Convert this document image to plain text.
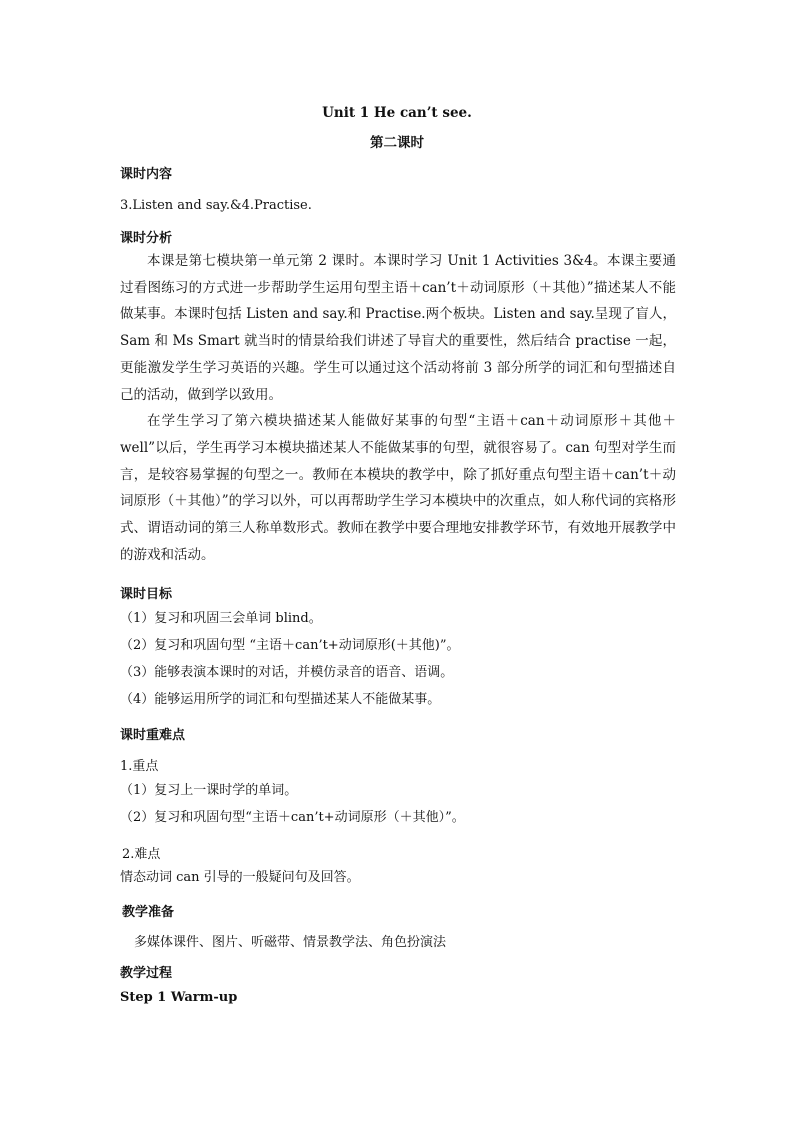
Unit 1 He can’t see.
第二课时
课时内容
3.Listen and say.&4.Practise.
课时分析

本课是第七模块第一单元第 2 课时。本课时学习 Unit 1 Activities 3&4。本课主要通过看图练习的方式进一步帮助学生运用句型主语＋can’t＋动词原形（＋其他）”描述某人不能做某事。本课时包括 Listen and say.和 Practise.两个板块。Listen and say.呈现了盲人，Sam 和 Ms Smart 就当时的情景给我们讲述了导盲犬的重要性，然后结合 practise 一起，更能激发学生学习英语的兴趣。学生可以通过这个活动将前 3 部分所学的词汇和句型描述自己的活动，做到学以致用。

在学生学习了第六模块描述某人能做好某事的句型“主语＋can＋动词原形＋其他＋well”以后，学生再学习本模块描述某人不能做某事的句型，就很容易了。can 句型对学生而言，是较容易掌握的句型之一。教师在本模块的教学中，除了抓好重点句型主语＋can’t＋动词原形（＋其他）”的学习以外，可以再帮助学生学习本模块中的次重点，如人称代词的宾格形式、谓语动词的第三人称单数形式。教师在教学中要合理地安排教学环节，有效地开展教学中的游戏和活动。

课时目标
（1）复习和巩固三会单词 blind。
（2）复习和巩固句型 “主语＋can’t+动词原形(＋其他)”。
（3）能够表演本课时的对话，并模仿录音的语音、语调。
（4）能够运用所学的词汇和句型描述某人不能做某事。
课时重难点
1.重点
（1）复习上一课时学的单词。
（2）复习和巩固句型“主语＋can’t+动词原形（＋其他）”。
2.难点
情态动词 can 引导的一般疑问句及回答。
教学准备
多媒体课件、图片、听磁带、情景教学法、角色扮演法
教学过程
Step 1 Warm-up
